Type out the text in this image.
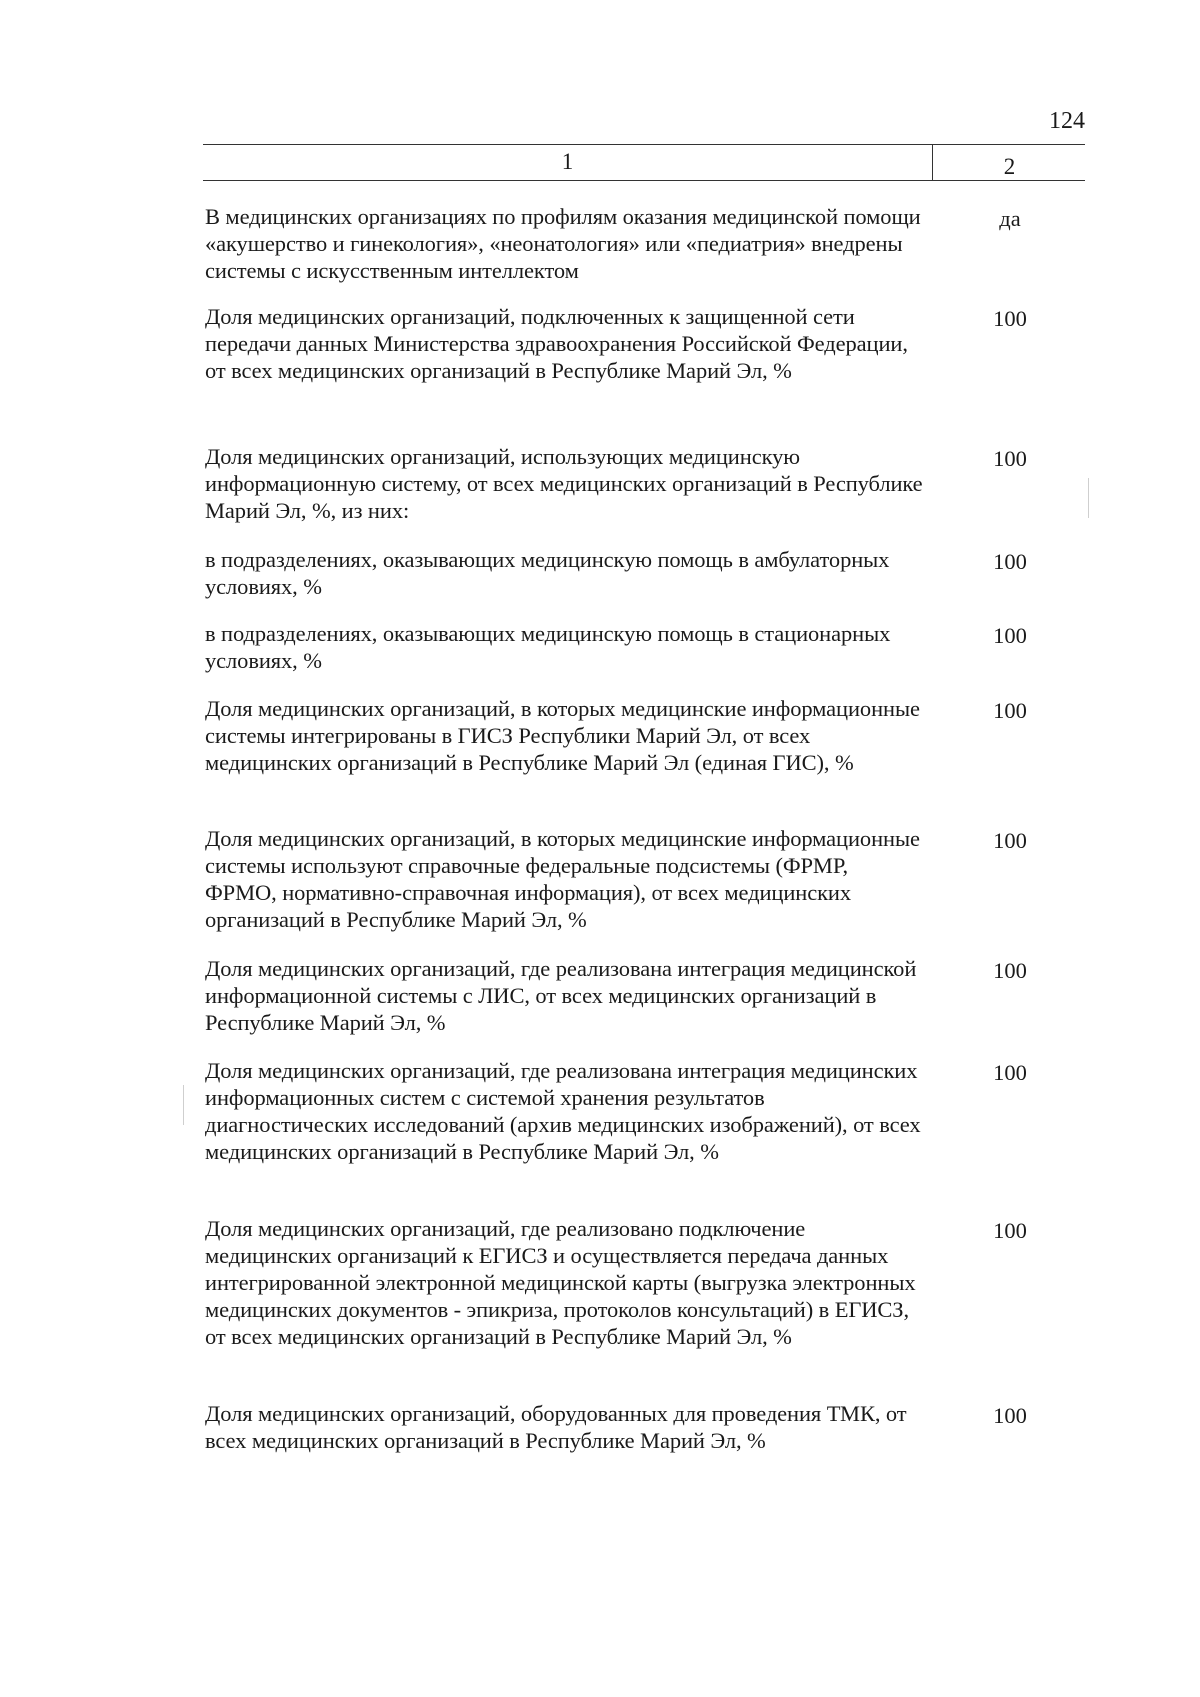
124
1	2
В медицинских организациях по профилям оказания медицинской помощи «акушерство и гинекология», «неонатология» или «педиатрия» внедрены системы с искусственным интеллектом
да
Доля медицинских организаций, подключенных к защищенной сети передачи данных Министерства здравоохранения Российской Федерации, от всех медицинских организаций в Республике Марий Эл, %
100
Доля медицинских организаций, использующих медицинскую информационную систему, от всех медицинских организаций в Республике Марий Эл, %, из них:
100
в подразделениях, оказывающих медицинскую помощь в амбулаторных условиях, %
100
в подразделениях, оказывающих медицинскую помощь в стационарных условиях, %
100
Доля медицинских организаций, в которых медицинские информационные системы интегрированы в ГИСЗ Республики Марий Эл, от всех медицинских организаций в Республике Марий Эл (единая ГИС), %
100
Доля медицинских организаций, в которых медицинские информационные системы используют справочные федеральные подсистемы (ФРМР, ФРМО, нормативно-справочная информация), от всех медицинских организаций в Республике Марий Эл, %
100
Доля медицинских организаций, где реализована интеграция медицинской информационной системы с ЛИС, от всех медицинских организаций в Республике Марий Эл, %
100
Доля медицинских организаций, где реализована интеграция медицинских информационных систем с системой хранения результатов диагностических исследований (архив медицинских изображений), от всех медицинских организаций в Республике Марий Эл, %
100
Доля медицинских организаций, где реализовано подключение медицинских организаций к ЕГИСЗ и осуществляется передача данных интегрированной электронной медицинской карты (выгрузка электронных медицинских документов - эпикриза, протоколов консультаций) в ЕГИСЗ, от всех медицинских организаций в Республике Марий Эл, %
100
Доля медицинских организаций, оборудованных для проведения ТМК, от всех медицинских организаций в Республике Марий Эл, %
100
